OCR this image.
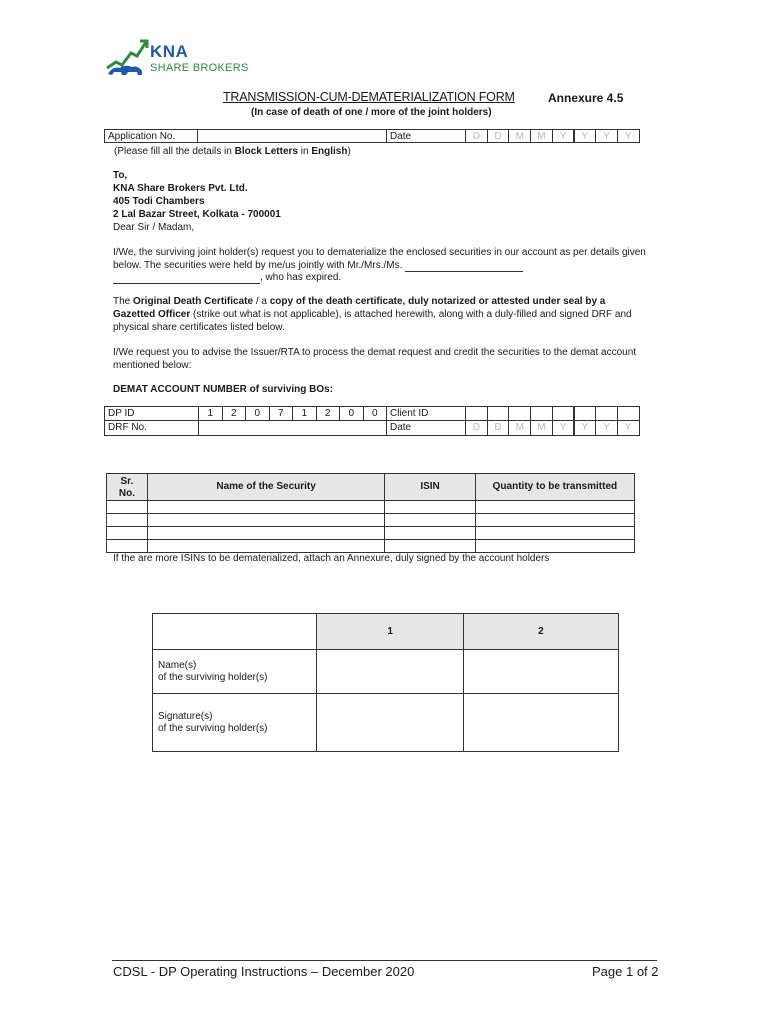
KNA
SHARE BROKERS
TRANSMISSION-CUM-DEMATERIALIZATION FORM	Annexure 4.5
(In case of death of one / more of the joint holders)
Application No.	Date	D	D	M	M	Y	Y	Y	Y
(Please fill all the details in Block Letters in English)
To,
KNA Share Brokers Pvt. Ltd.
405 Todi Chambers
2 Lal Bazar Street, Kolkata - 700001
Dear Sir / Madam,
I/We, the surviving joint holder(s) request you to dematerialize the enclosed securities in our account as per details given
below. The securities were held by me/us jointly with Mr./Mrs./Ms.
, who has expired.
The Original Death Certificate / a copy of the death certificate, duly notarized or attested under seal by a
Gazetted Officer (strike out what is not applicable), is attached herewith, along with a duly-filled and signed DRF and
physical share certificates listed below.
I/We request you to advise the Issuer/RTA to process the demat request and credit the securities to the demat account
mentioned below:
DEMAT ACCOUNT NUMBER of surviving BOs:
DP ID	1	2	0	7	1	2	0	0	Client ID
DRF No.	Date	D	D	M	M	Y	Y	Y	Y
Sr. No.	Name of the Security	ISIN	Quantity to be transmitted

If the are more ISINs to be dematerialized, attach an Annexure, duly signed by the account holders
	1	2

Name(s)
of the surviving holder(s)		

Signature(s)
of the surviving holder(s)		

CDSL - DP Operating Instructions – December 2020	Page 1 of 2
